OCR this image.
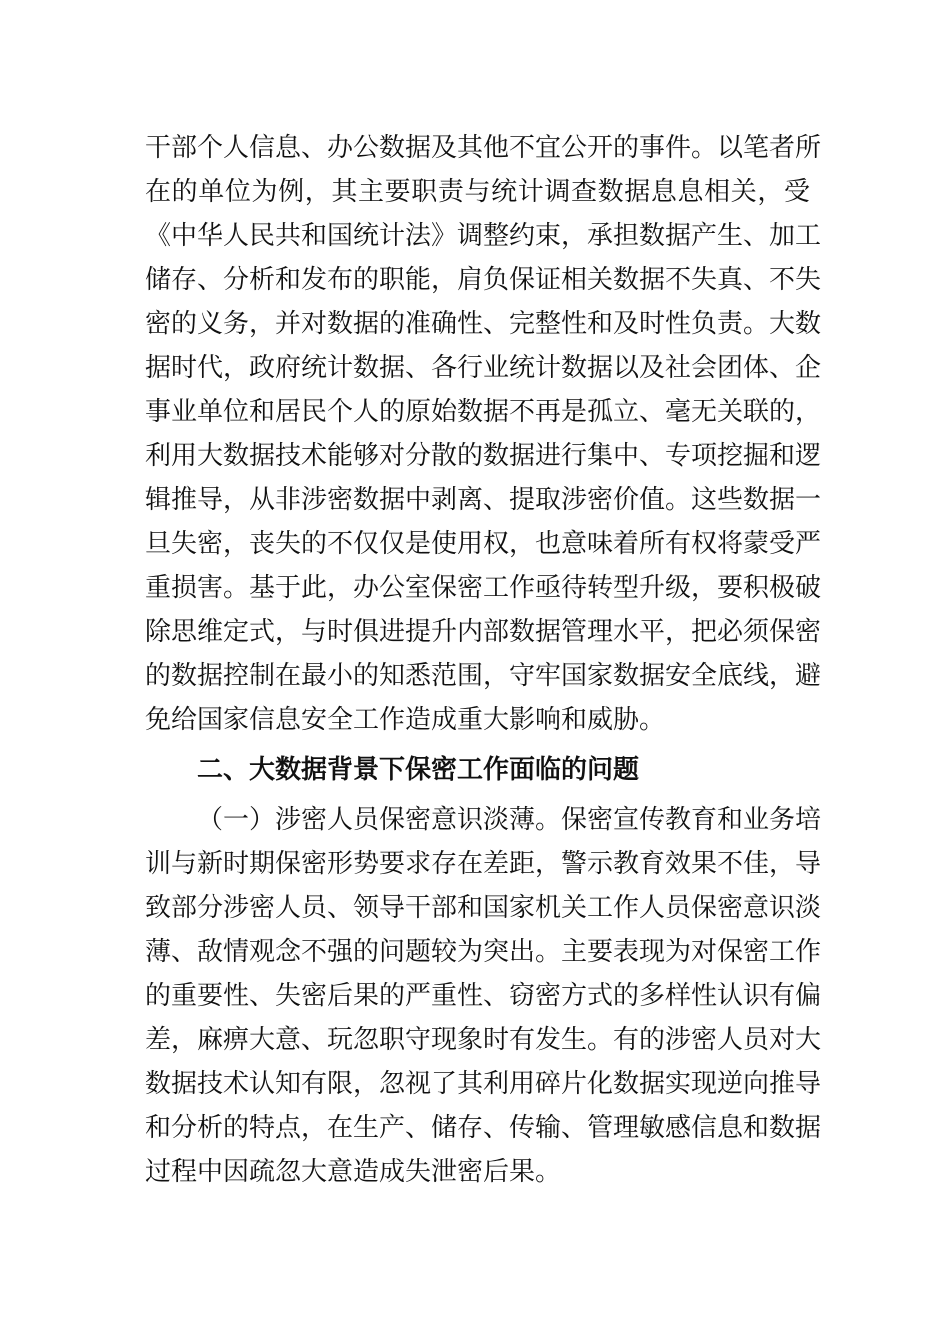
干部个人信息、办公数据及其他不宜公开的事件。以笔者所
在的单位为例，其主要职责与统计调查数据息息相关，受
《中华人民共和国统计法》调整约束，承担数据产生、加工
储存、分析和发布的职能，肩负保证相关数据不失真、不失
密的义务，并对数据的准确性、完整性和及时性负责。大数
据时代，政府统计数据、各行业统计数据以及社会团体、企
事业单位和居民个人的原始数据不再是孤立、毫无关联的，
利用大数据技术能够对分散的数据进行集中、专项挖掘和逻
辑推导，从非涉密数据中剥离、提取涉密价值。这些数据一
旦失密，丧失的不仅仅是使用权，也意味着所有权将蒙受严
重损害。基于此，办公室保密工作亟待转型升级，要积极破
除思维定式，与时俱进提升内部数据管理水平，把必须保密
的数据控制在最小的知悉范围，守牢国家数据安全底线，避
免给国家信息安全工作造成重大影响和威胁。
二、大数据背景下保密工作面临的问题
（一）涉密人员保密意识淡薄。保密宣传教育和业务培
训与新时期保密形势要求存在差距，警示教育效果不佳，导
致部分涉密人员、领导干部和国家机关工作人员保密意识淡
薄、敌情观念不强的问题较为突出。主要表现为对保密工作
的重要性、失密后果的严重性、窃密方式的多样性认识有偏
差，麻痹大意、玩忽职守现象时有发生。有的涉密人员对大
数据技术认知有限，忽视了其利用碎片化数据实现逆向推导
和分析的特点，在生产、储存、传输、管理敏感信息和数据
过程中因疏忽大意造成失泄密后果。
